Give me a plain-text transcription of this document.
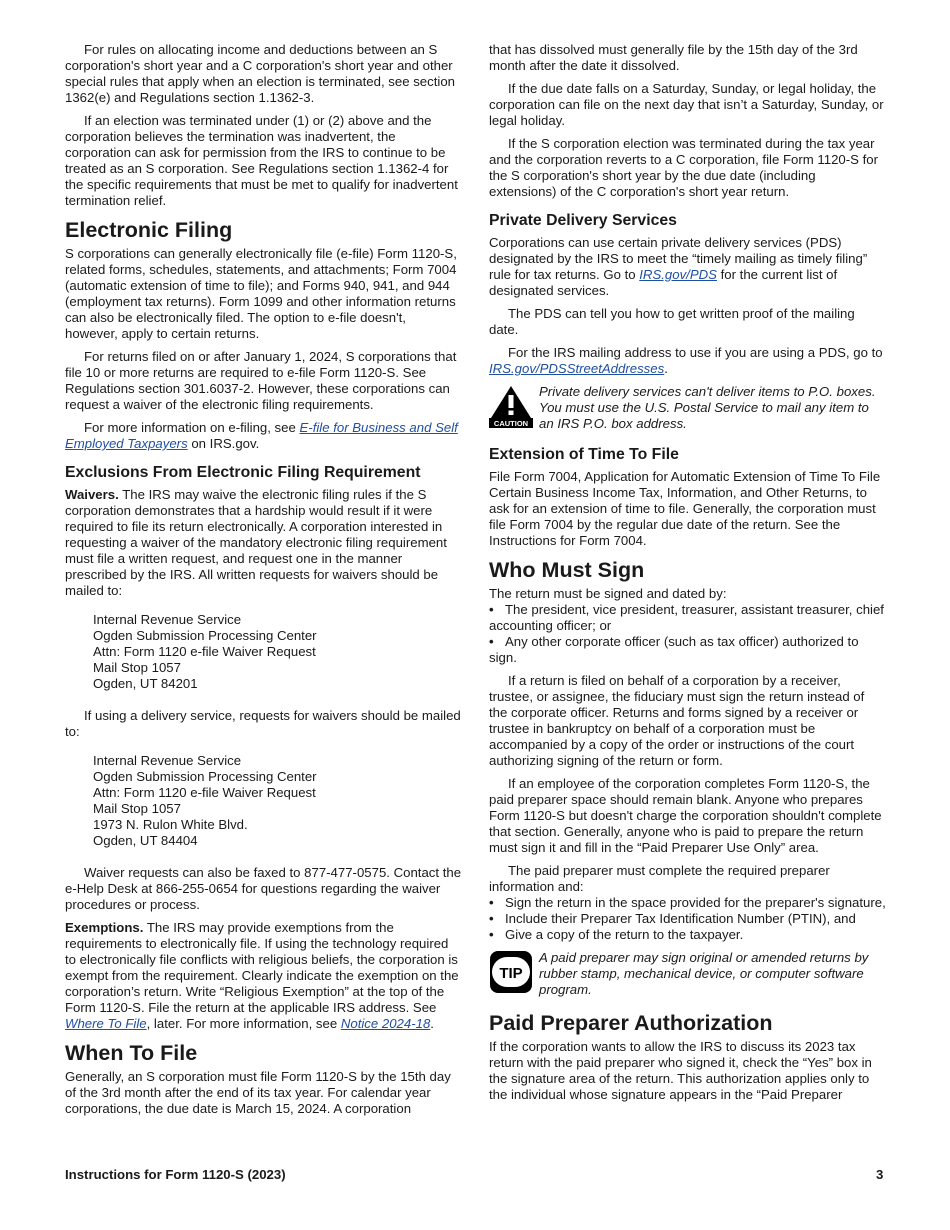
For rules on allocating income and deductions between an S corporation's short year and a C corporation's short year and other special rules that apply when an election is terminated, see section 1362(e) and Regulations section 1.1362-3.

If an election was terminated under (1) or (2) above and the corporation believes the termination was inadvertent, the corporation can ask for permission from the IRS to continue to be treated as an S corporation. See Regulations section 1.1362-4 for the specific requirements that must be met to qualify for inadvertent termination relief.

Electronic Filing

S corporations can generally electronically file (e-file) Form 1120-S, related forms, schedules, statements, and attachments; Form 7004 (automatic extension of time to file); and Forms 940, 941, and 944 (employment tax returns). Form 1099 and other information returns can also be electronically filed. The option to e-file doesn't, however, apply to certain returns.

For returns filed on or after January 1, 2024, S corporations that file 10 or more returns are required to e-file Form 1120-S. See Regulations section 301.6037-2. However, these corporations can request a waiver of the electronic filing requirements.

For more information on e-filing, see E-file for Business and Self Employed Taxpayers on IRS.gov.

Exclusions From Electronic Filing Requirement

Waivers. The IRS may waive the electronic filing rules if the S corporation demonstrates that a hardship would result if it were required to file its return electronically. A corporation interested in requesting a waiver of the mandatory electronic filing requirement must file a written request, and request one in the manner prescribed by the IRS. All written requests for waivers should be mailed to:

Internal Revenue Service
Ogden Submission Processing Center
Attn: Form 1120 e-file Waiver Request
Mail Stop 1057
Ogden, UT 84201

If using a delivery service, requests for waivers should be mailed to:

Internal Revenue Service
Ogden Submission Processing Center
Attn: Form 1120 e-file Waiver Request
Mail Stop 1057
1973 N. Rulon White Blvd.
Ogden, UT 84404

Waiver requests can also be faxed to 877-477-0575. Contact the e-Help Desk at 866-255-0654 for questions regarding the waiver procedures or process.

Exemptions. The IRS may provide exemptions from the requirements to electronically file. If using the technology required to electronically file conflicts with religious beliefs, the corporation is exempt from the requirement. Clearly indicate the exemption on the corporation’s return. Write “Religious Exemption” at the top of the Form 1120-S. File the return at the applicable IRS address. See Where To File, later. For more information, see Notice 2024-18.

When To File

Generally, an S corporation must file Form 1120-S by the 15th day of the 3rd month after the end of its tax year. For calendar year corporations, the due date is March 15, 2024. A corporation

that has dissolved must generally file by the 15th day of the 3rd month after the date it dissolved.

If the due date falls on a Saturday, Sunday, or legal holiday, the corporation can file on the next day that isn’t a Saturday, Sunday, or legal holiday.

If the S corporation election was terminated during the tax year and the corporation reverts to a C corporation, file Form 1120-S for the S corporation's short year by the due date (including extensions) of the C corporation's short year return.

Private Delivery Services

Corporations can use certain private delivery services (PDS) designated by the IRS to meet the “timely mailing as timely filing” rule for tax returns. Go to IRS.gov/PDS for the current list of designated services.

The PDS can tell you how to get written proof of the mailing date.

For the IRS mailing address to use if you are using a PDS, go to IRS.gov/PDSStreetAddresses.

CAUTION
Private delivery services can't deliver items to P.O. boxes. You must use the U.S. Postal Service to mail any item to an IRS P.O. box address.
Extension of Time To File

File Form 7004, Application for Automatic Extension of Time To File Certain Business Income Tax, Information, and Other Returns, to ask for an extension of time to file. Generally, the corporation must file Form 7004 by the regular due date of the return. See the Instructions for Form 7004.

Who Must Sign

The return must be signed and dated by:

• The president, vice president, treasurer, assistant treasurer, chief accounting officer; or
• Any other corporate officer (such as tax officer) authorized to sign.

If a return is filed on behalf of a corporation by a receiver, trustee, or assignee, the fiduciary must sign the return instead of the corporate officer. Returns and forms signed by a receiver or trustee in bankruptcy on behalf of a corporation must be accompanied by a copy of the order or instructions of the court authorizing signing of the return or form.

If an employee of the corporation completes Form 1120-S, the paid preparer space should remain blank. Anyone who prepares Form 1120-S but doesn't charge the corporation shouldn't complete that section. Generally, anyone who is paid to prepare the return must sign it and fill in the “Paid Preparer Use Only” area.

The paid preparer must complete the required preparer information and:

• Sign the return in the space provided for the preparer's signature,
• Include their Preparer Tax Identification Number (PTIN), and
• Give a copy of the return to the taxpayer.
TIP
A paid preparer may sign original or amended returns by rubber stamp, mechanical device, or computer software program.
Paid Preparer Authorization

If the corporation wants to allow the IRS to discuss its 2023 tax return with the paid preparer who signed it, check the “Yes” box in the signature area of the return. This authorization applies only to the individual whose signature appears in the “Paid Preparer

Instructions for Form 1120-S (2023)	3
